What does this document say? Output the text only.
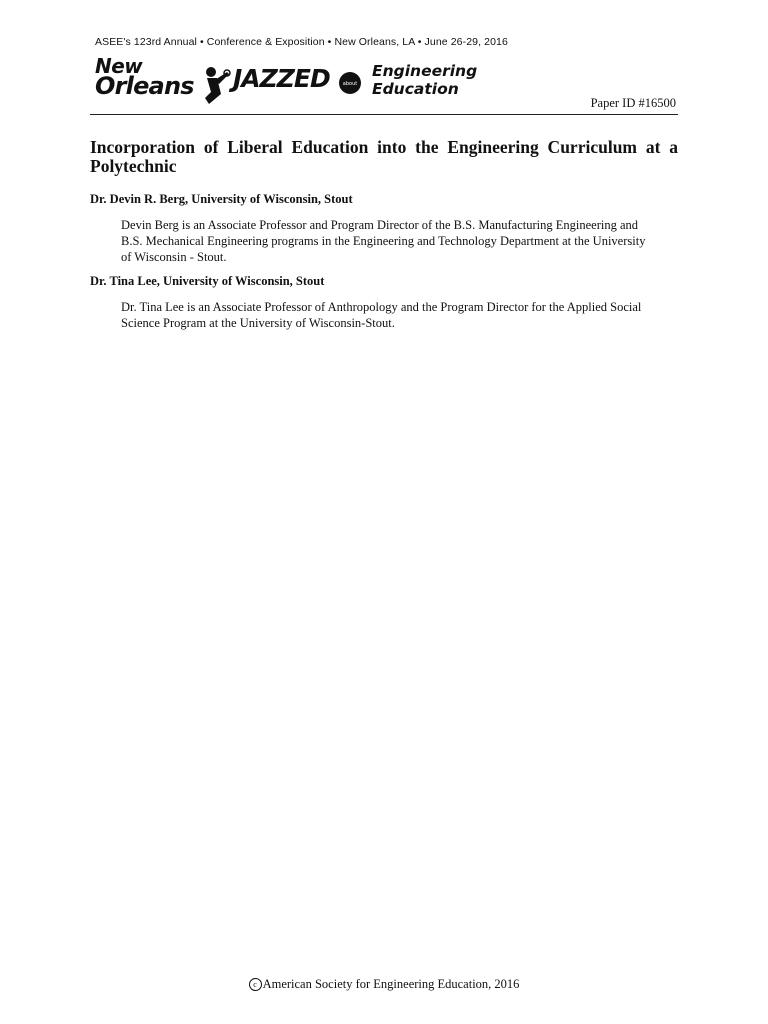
ASEE's 123rd Annual • Conference & Exposition • New Orleans, LA • June 26-29, 2016
New
Orleans JAZZED	about
Engineering
Education
Paper ID #16500
Incorporation of Liberal Education into the Engineering Curriculum at a Polytechnic
Dr. Devin R. Berg, University of Wisconsin, Stout

Devin Berg is an Associate Professor and Program Director of the B.S. Manufacturing Engineering and B.S. Mechanical Engineering programs in the Engineering and Technology Department at the University of Wisconsin - Stout.

Dr. Tina Lee, University of Wisconsin, Stout

Dr. Tina Lee is an Associate Professor of Anthropology and the Program Director for the Applied Social Science Program at the University of Wisconsin-Stout.

c American Society for Engineering Education, 2016
